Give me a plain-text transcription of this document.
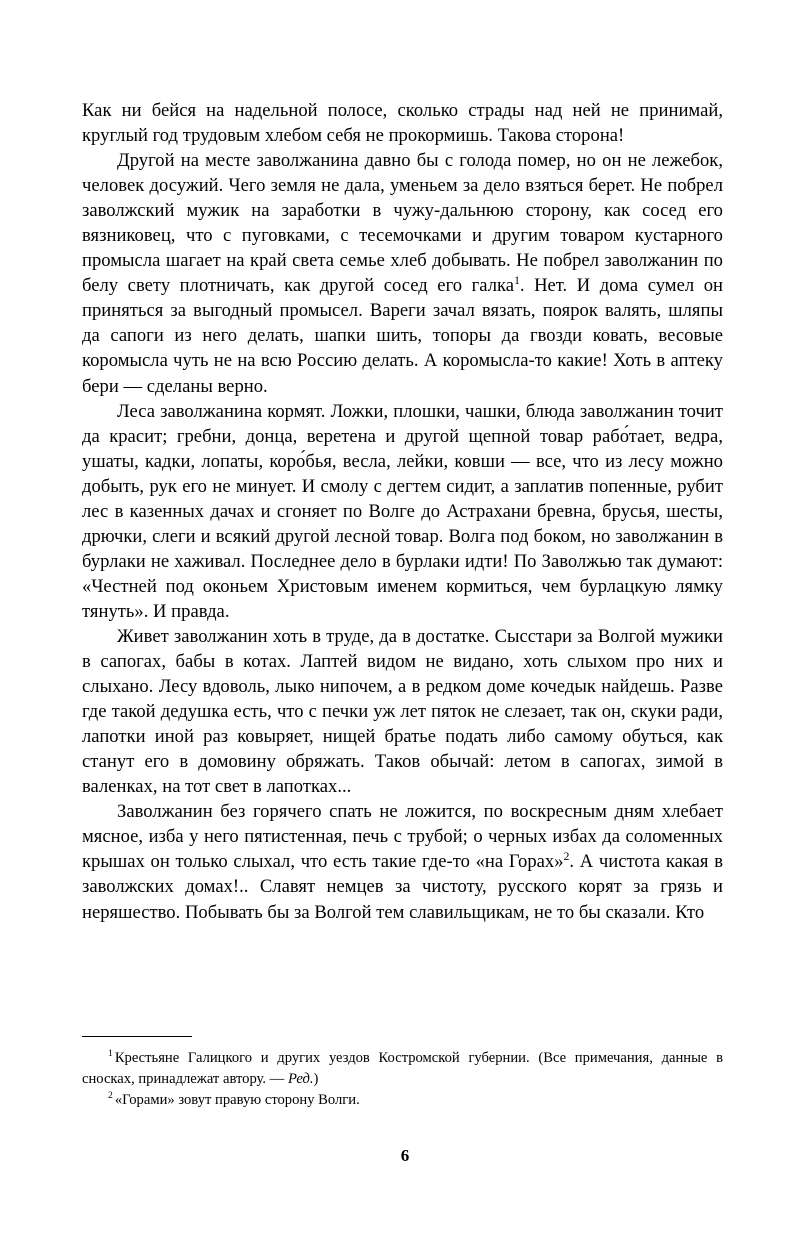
Как ни бейся на надельной полосе, сколько страды над ней не принимай, круглый год трудовым хлебом себя не прокормишь. Такова сторона!

Другой на месте заволжанина давно бы с голода помер, но он не лежебок, человек досужий. Чего земля не дала, уменьем за дело взяться берет. Не побрел заволжский мужик на заработки в чужу-дальнюю сторону, как сосед его вязниковец, что с пуговками, с тесемочками и другим товаром кустарного промысла шагает на край света семье хлеб добывать. Не побрел заволжанин по белу свету плотничать, как другой сосед его галка$^1$. Нет. И дома сумел он приняться за выгодный промысел. Вареги зачал вязать, поярок валять, шляпы да сапоги из него делать, шапки шить, топоры да гвозди ковать, весовые коромысла чуть не на всю Россию делать. А коромысла-то какие! Хоть в аптеку бери — сделаны верно.

Леса заволжанина кормят. Ложки, плошки, чашки, блюда заволжанин точит да красит; гребни, донца, веретена и другой щепной товар рабо́тает, ведра, ушаты, кадки, лопаты, коро́бья, весла, лейки, ковши — все, что из лесу можно добыть, рук его не минует. И смолу с дегтем сидит, а заплатив попенные, рубит лес в казенных дачах и сгоняет по Волге до Астрахани бревна, брусья, шесты, дрючки, слеги и всякий другой лесной товар. Волга под боком, но заволжанин в бурлаки не хаживал. Последнее дело в бурлаки идти! По Заволжью так думают: «Честней под оконьем Христовым именем кормиться, чем бурлацкую лямку тянуть». И правда.

Живет заволжанин хоть в труде, да в достатке. Сысстари за Волгой мужики в сапогах, бабы в котах. Лаптей видом не видано, хоть слыхом про них и слыхано. Лесу вдоволь, лыко нипочем, а в редком доме кочедык найдешь. Разве где такой дедушка есть, что с печки уж лет пяток не слезает, так он, скуки ради, лапотки иной раз ковыряет, нищей братье подать либо самому обуться, как станут его в домовину обряжать. Таков обычай: летом в сапогах, зимой в валенках, на тот свет в лапотках...

Заволжанин без горячего спать не ложится, по воскресным дням хлебает мясное, изба у него пятистенная, печь с трубой; о черных избах да соломенных крышах он только слыхал, что есть такие где-то «на Горах»$^2$. А чистота какая в заволжских домах!.. Славят немцев за чистоту, русского корят за грязь и неряшество. Побывать бы за Волгой тем славильщикам, не то бы сказали. Кто

$^1$ Крестьяне Галицкого и других уездов Костромской губернии. (Все примечания, данные в сносках, принадлежат автору. — Ред.)

$^2$ «Горами» зовут правую сторону Волги.

6
